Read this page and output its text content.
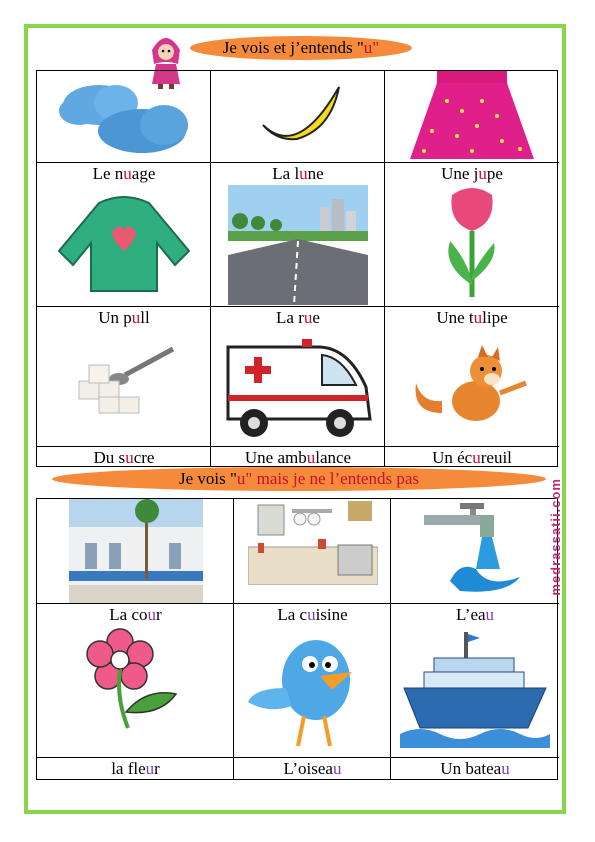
Je vois et j’entends "u"
Le nuage	La lune	Une jupe
Un pull	La rue	Une tulipe
Du sucre	Une ambulance	Un écureuil
Je vois "u" mais je ne l’entends pas
La cour	La cuisine	L’eau
la fleur	L’oiseau	Un bateau
medrassatii.com
